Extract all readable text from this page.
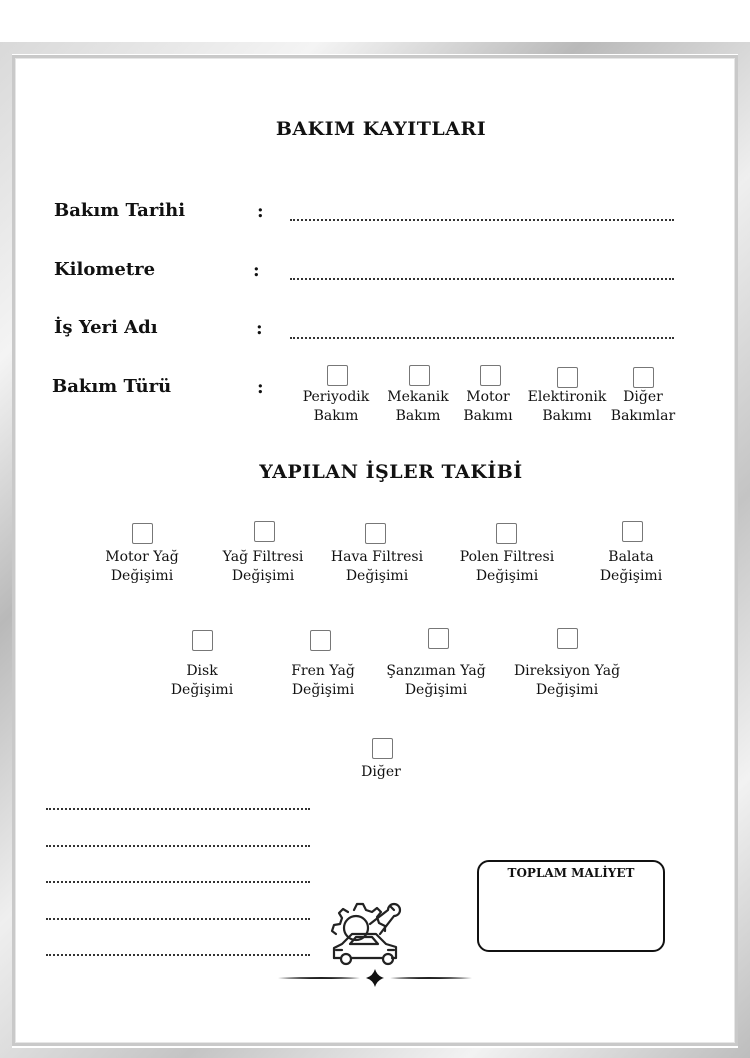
BAKIM KAYITLARI
Bakım Tarihi	:
Kilometre	:
İş Yeri Adı	:
Bakım Türü	:	Periyodik
Bakım
Mekanik
Bakım
Motor
Bakımı
Elektironik
Bakımı
Diğer
Bakımlar
YAPILAN İŞLER TAKİBİ
Motor Yağ
Değişimi
Yağ Filtresi
Değişimi
Hava Filtresi
Değişimi
Polen Filtresi
Değişimi
Balata
Değişimi
Disk
Değişimi
Fren Yağ
Değişimi
Şanzıman Yağ
Değişimi
Direksiyon Yağ
Değişimi
Diğer
TOPLAM MALİYET
